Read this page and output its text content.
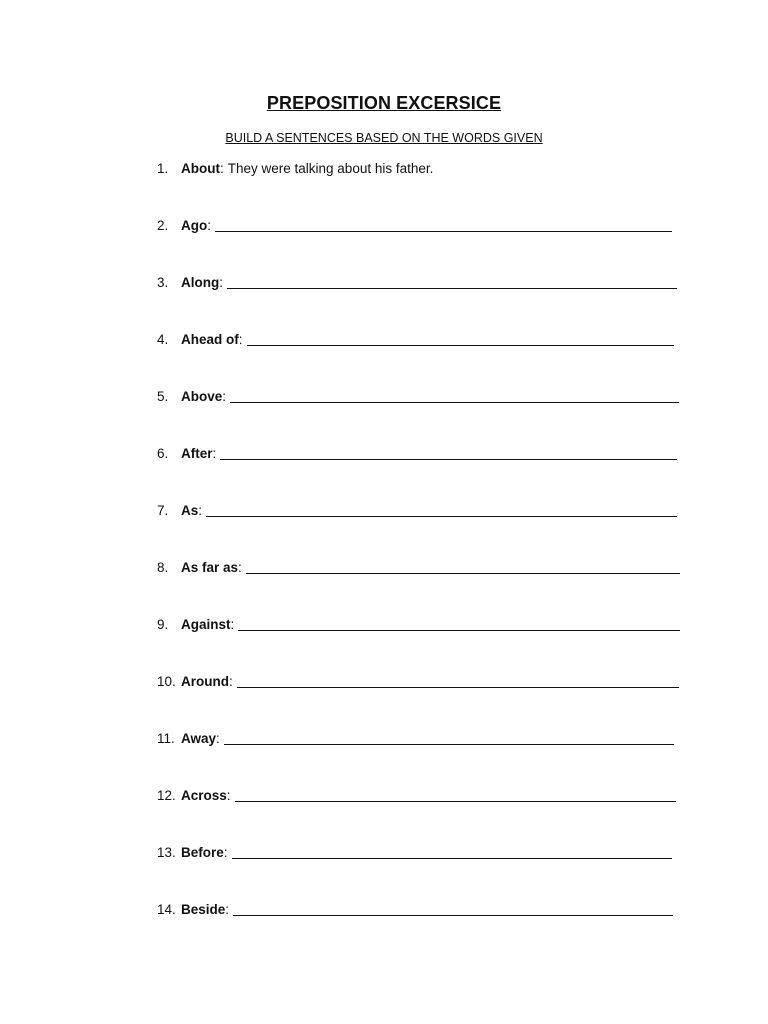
PREPOSITION EXCERSICE
BUILD A SENTENCES BASED ON THE WORDS GIVEN
1. About : They were talking about his father.
2. Ago :
3. Along :
4. Ahead of :
5. Above :
6. After :
7. As :
8. As far as :
9. Against :
10. Around :
11. Away :
12. Across :
13. Before :
14. Beside :
